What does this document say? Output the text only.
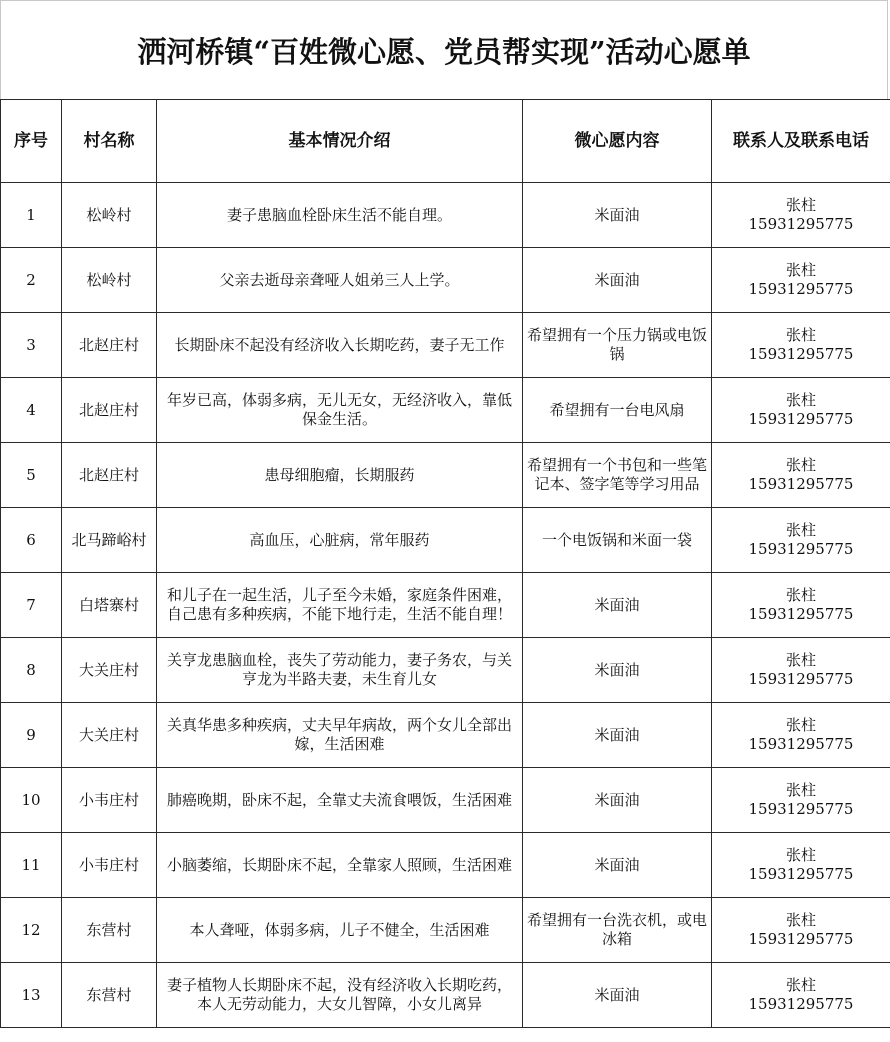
洒河桥镇“百姓微心愿、党员帮实现”活动心愿单
序号	村名称	基本情况介绍	微心愿内容	联系人及联系电话
1	松岭村	妻子患脑血栓卧床生活不能自理。	米面油	张柱
15931295775

2	松岭村	父亲去逝母亲聋哑人姐弟三人上学。	米面油	张柱
15931295775

3	北赵庄村	长期卧床不起没有经济收入长期吃药，妻子无工作	希望拥有一个压力锅或电饭锅	张柱
15931295775

4	北赵庄村	年岁已高，体弱多病，无儿无女，无经济收入，靠低保金生活。	希望拥有一台电风扇	张柱
15931295775

5	北赵庄村	患母细胞瘤，长期服药	希望拥有一个书包和一些笔记本、签字笔等学习用品	张柱
15931295775

6	北马蹄峪村	高血压，心脏病，常年服药	一个电饭锅和米面一袋	张柱
15931295775

7	白塔寨村	和儿子在一起生活，儿子至今未婚，家庭条件困难，自己患有多种疾病，不能下地行走，生活不能自理！	米面油	张柱
15931295775

8	大关庄村	关亨龙患脑血栓，丧失了劳动能力，妻子务农，与关亨龙为半路夫妻，未生育儿女	米面油	张柱
15931295775

9	大关庄村	关真华患多种疾病，丈夫早年病故，两个女儿全部出嫁，生活困难	米面油	张柱
15931295775

10	小韦庄村	肺癌晚期，卧床不起，全靠丈夫流食喂饭，生活困难	米面油	张柱
15931295775

11	小韦庄村	小脑萎缩，长期卧床不起，全靠家人照顾，生活困难	米面油	张柱
15931295775

12	东营村	本人聋哑，体弱多病，儿子不健全，生活困难	希望拥有一台洗衣机，或电冰箱	张柱
15931295775

13	东营村	妻子植物人长期卧床不起，没有经济收入长期吃药，本人无劳动能力，大女儿智障，小女儿离异	米面油	张柱
15931295775
